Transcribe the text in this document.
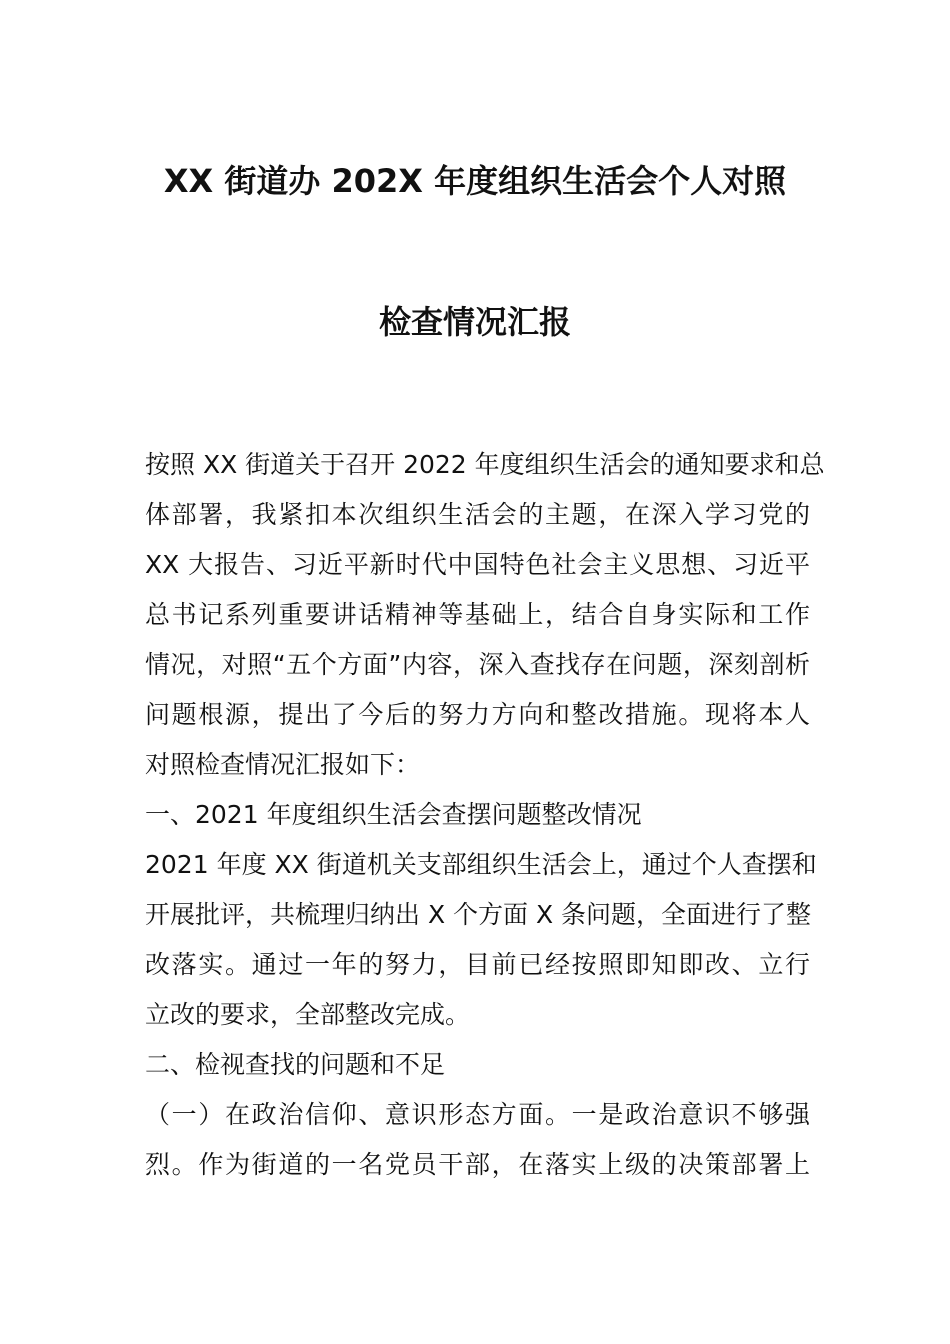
XX 街道办 202X 年度组织生活会个人对照
检查情况汇报
按照 XX 街道关于召开 2022 年度组织生活会的通知要求和总
体部署，我紧扣本次组织生活会的主题，在深入学习党的
XX 大报告、习近平新时代中国特色社会主义思想、习近平
总书记系列重要讲话精神等基础上，结合自身实际和工作
情况，对照“五个方面”内容，深入查找存在问题，深刻剖析
问题根源，提出了今后的努力方向和整改措施。现将本人
对照检查情况汇报如下：
一、2021 年度组织生活会查摆问题整改情况
2021 年度 XX 街道机关支部组织生活会上，通过个人查摆和
开展批评，共梳理归纳出 X 个方面 X 条问题，全面进行了整
改落实。通过一年的努力，目前已经按照即知即改、立行
立改的要求，全部整改完成。
二、检视查找的问题和不足
（一）在政治信仰、意识形态方面。一是政治意识不够强
烈。作为街道的一名党员干部，在落实上级的决策部署上
